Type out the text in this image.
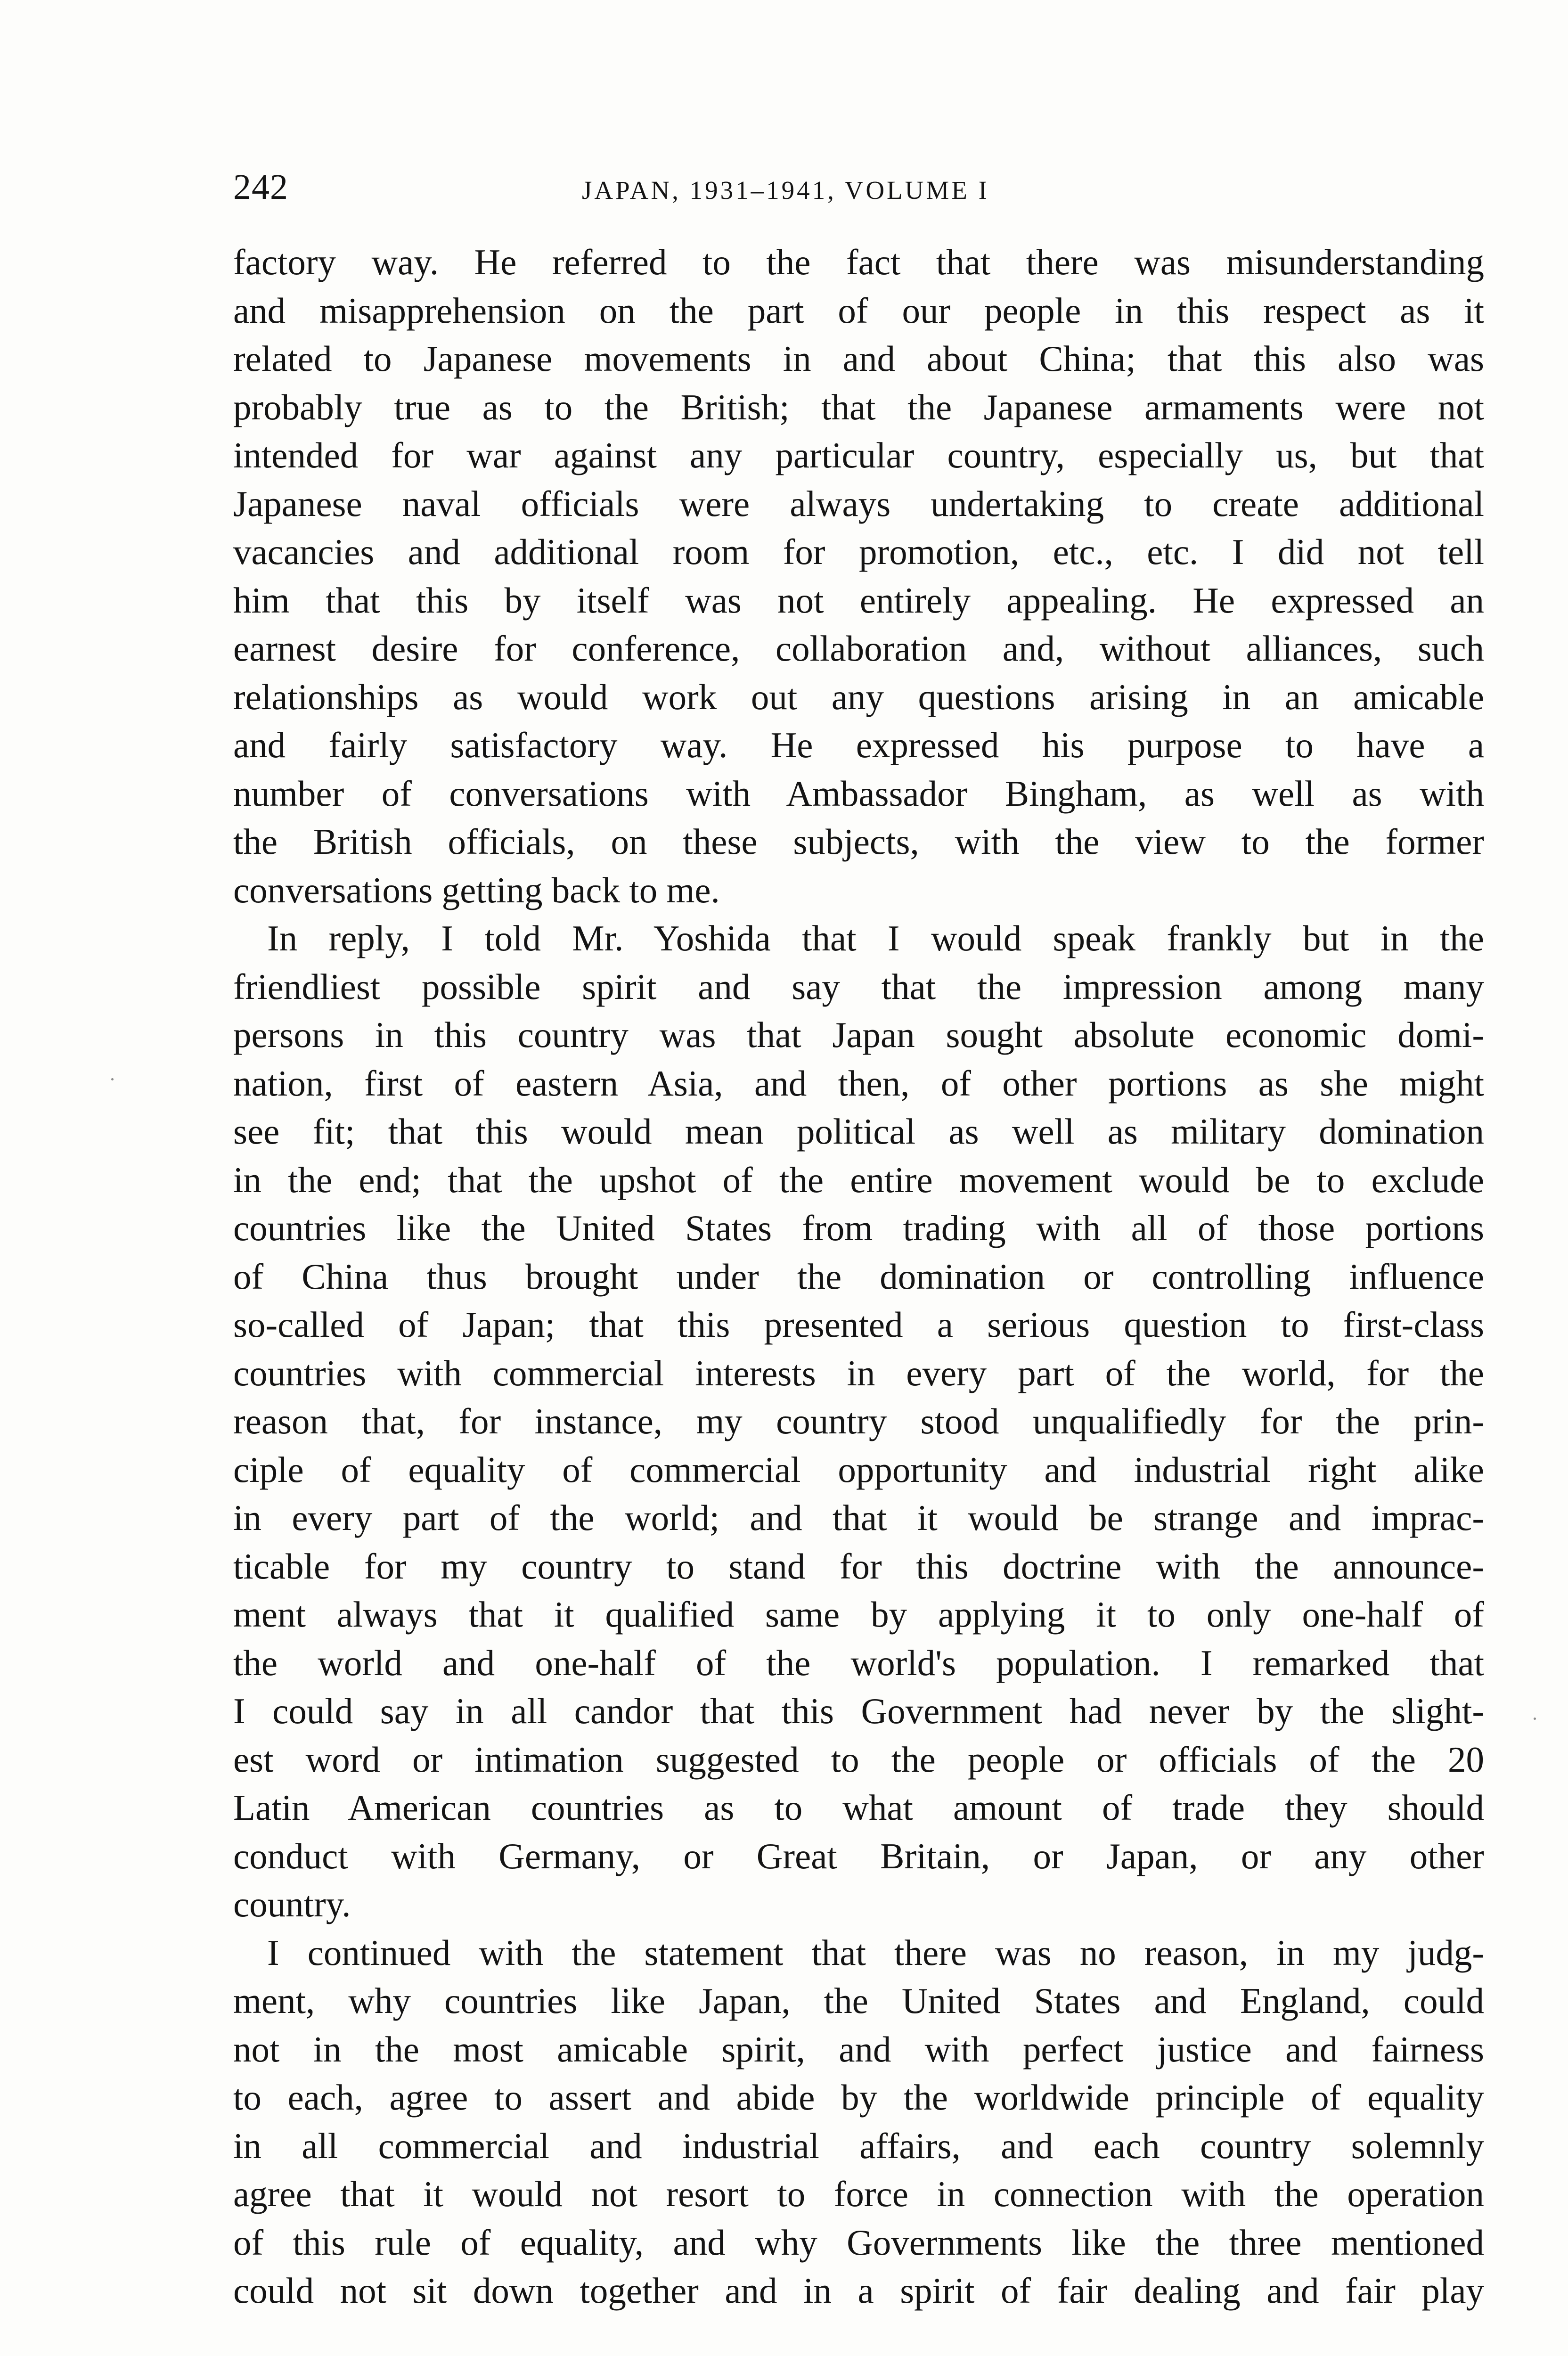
242	JAPAN, 1931–1941, VOLUME I
factory way. He referred to the fact that there was misunderstanding
and misapprehension on the part of our people in this respect as it
related to Japanese movements in and about China; that this also was
probably true as to the British; that the Japanese armaments were not
intended for war against any particular country, especially us, but that
Japanese naval officials were always undertaking to create additional
vacancies and additional room for promotion, etc., etc. I did not tell
him that this by itself was not entirely appealing. He expressed an
earnest desire for conference, collaboration and, without alliances, such
relationships as would work out any questions arising in an amicable
and fairly satisfactory way. He expressed his purpose to have a
number of conversations with Ambassador Bingham, as well as with
the British officials, on these subjects, with the view to the former
conversations getting back to me.
In reply, I told Mr. Yoshida that I would speak frankly but in the
friendliest possible spirit and say that the impression among many
persons in this country was that Japan sought absolute economic domi-
nation, first of eastern Asia, and then, of other portions as she might
see fit; that this would mean political as well as military domination
in the end; that the upshot of the entire movement would be to exclude
countries like the United States from trading with all of those portions
of China thus brought under the domination or controlling influence
so-called of Japan; that this presented a serious question to first-class
countries with commercial interests in every part of the world, for the
reason that, for instance, my country stood unqualifiedly for the prin-
ciple of equality of commercial opportunity and industrial right alike
in every part of the world; and that it would be strange and imprac-
ticable for my country to stand for this doctrine with the announce-
ment always that it qualified same by applying it to only one-half of
the world and one-half of the world's population. I remarked that
I could say in all candor that this Government had never by the slight-
est word or intimation suggested to the people or officials of the 20
Latin American countries as to what amount of trade they should
conduct with Germany, or Great Britain, or Japan, or any other
country.
I continued with the statement that there was no reason, in my judg-
ment, why countries like Japan, the United States and England, could
not in the most amicable spirit, and with perfect justice and fairness
to each, agree to assert and abide by the worldwide principle of equality
in all commercial and industrial affairs, and each country solemnly
agree that it would not resort to force in connection with the operation
of this rule of equality, and why Governments like the three mentioned
could not sit down together and in a spirit of fair dealing and fair play
